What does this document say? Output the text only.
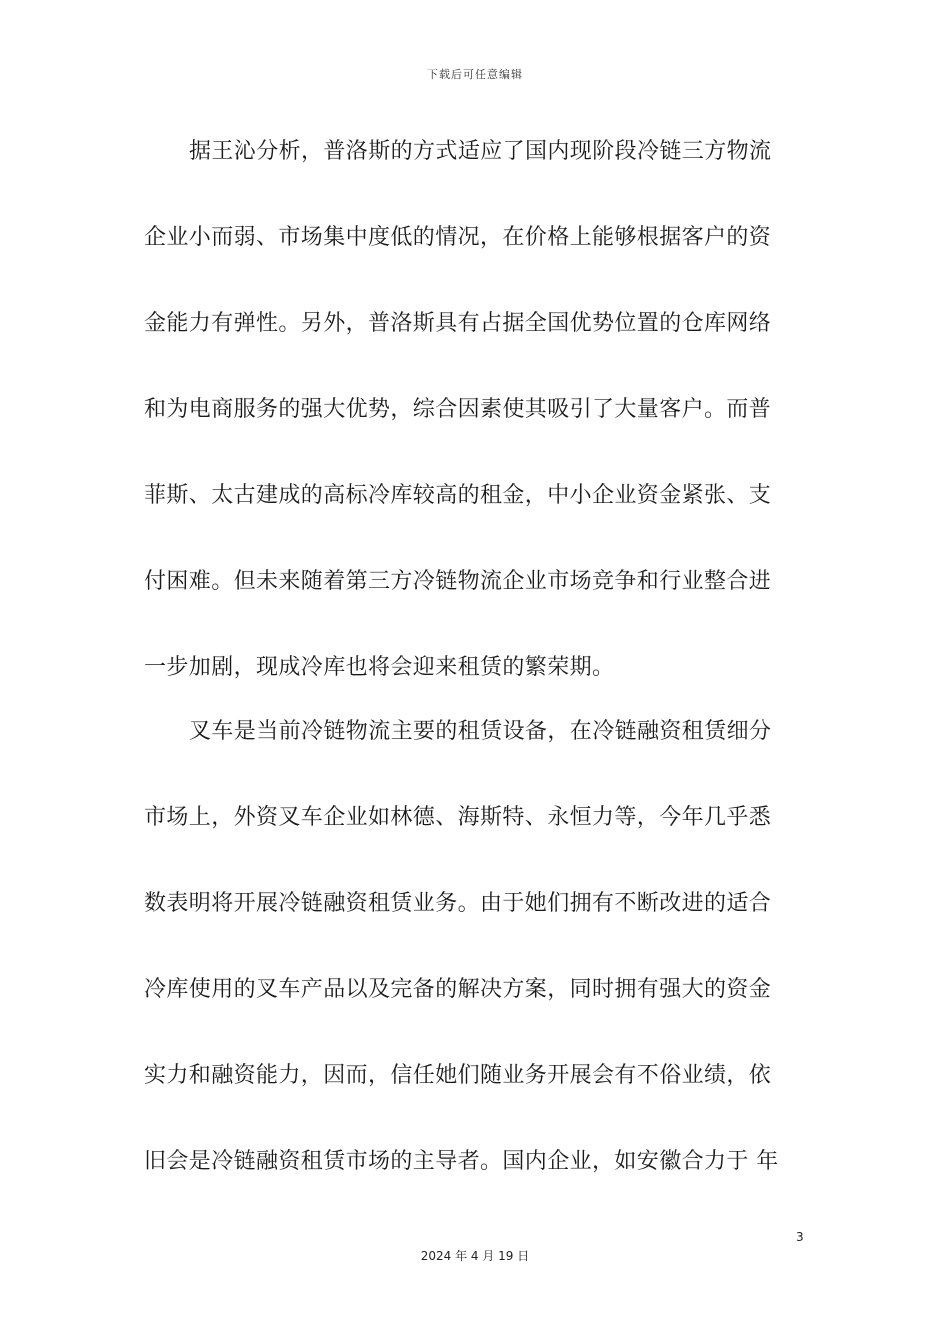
下载后可任意编辑
据王沁分析，普洛斯的方式适应了国内现阶段冷链三方物流
企业小而弱、市场集中度低的情况，在价格上能够根据客户的资
金能力有弹性。另外，普洛斯具有占据全国优势位置的仓库网络
和为电商服务的强大优势，综合因素使其吸引了大量客户。而普
菲斯、太古建成的高标冷库较高的租金，中小企业资金紧张、支
付困难。但未来随着第三方冷链物流企业市场竞争和行业整合进
一步加剧，现成冷库也将会迎来租赁的繁荣期。
叉车是当前冷链物流主要的租赁设备，在冷链融资租赁细分
市场上，外资叉车企业如林德、海斯特、永恒力等，今年几乎悉
数表明将开展冷链融资租赁业务。由于她们拥有不断改进的适合
冷库使用的叉车产品以及完备的解决方案，同时拥有强大的资金
实力和融资能力，因而，信任她们随业务开展会有不俗业绩，依
旧会是冷链融资租赁市场的主导者。国内企业，如安徽合力于 年
3
2024 年 4 月 19 日
